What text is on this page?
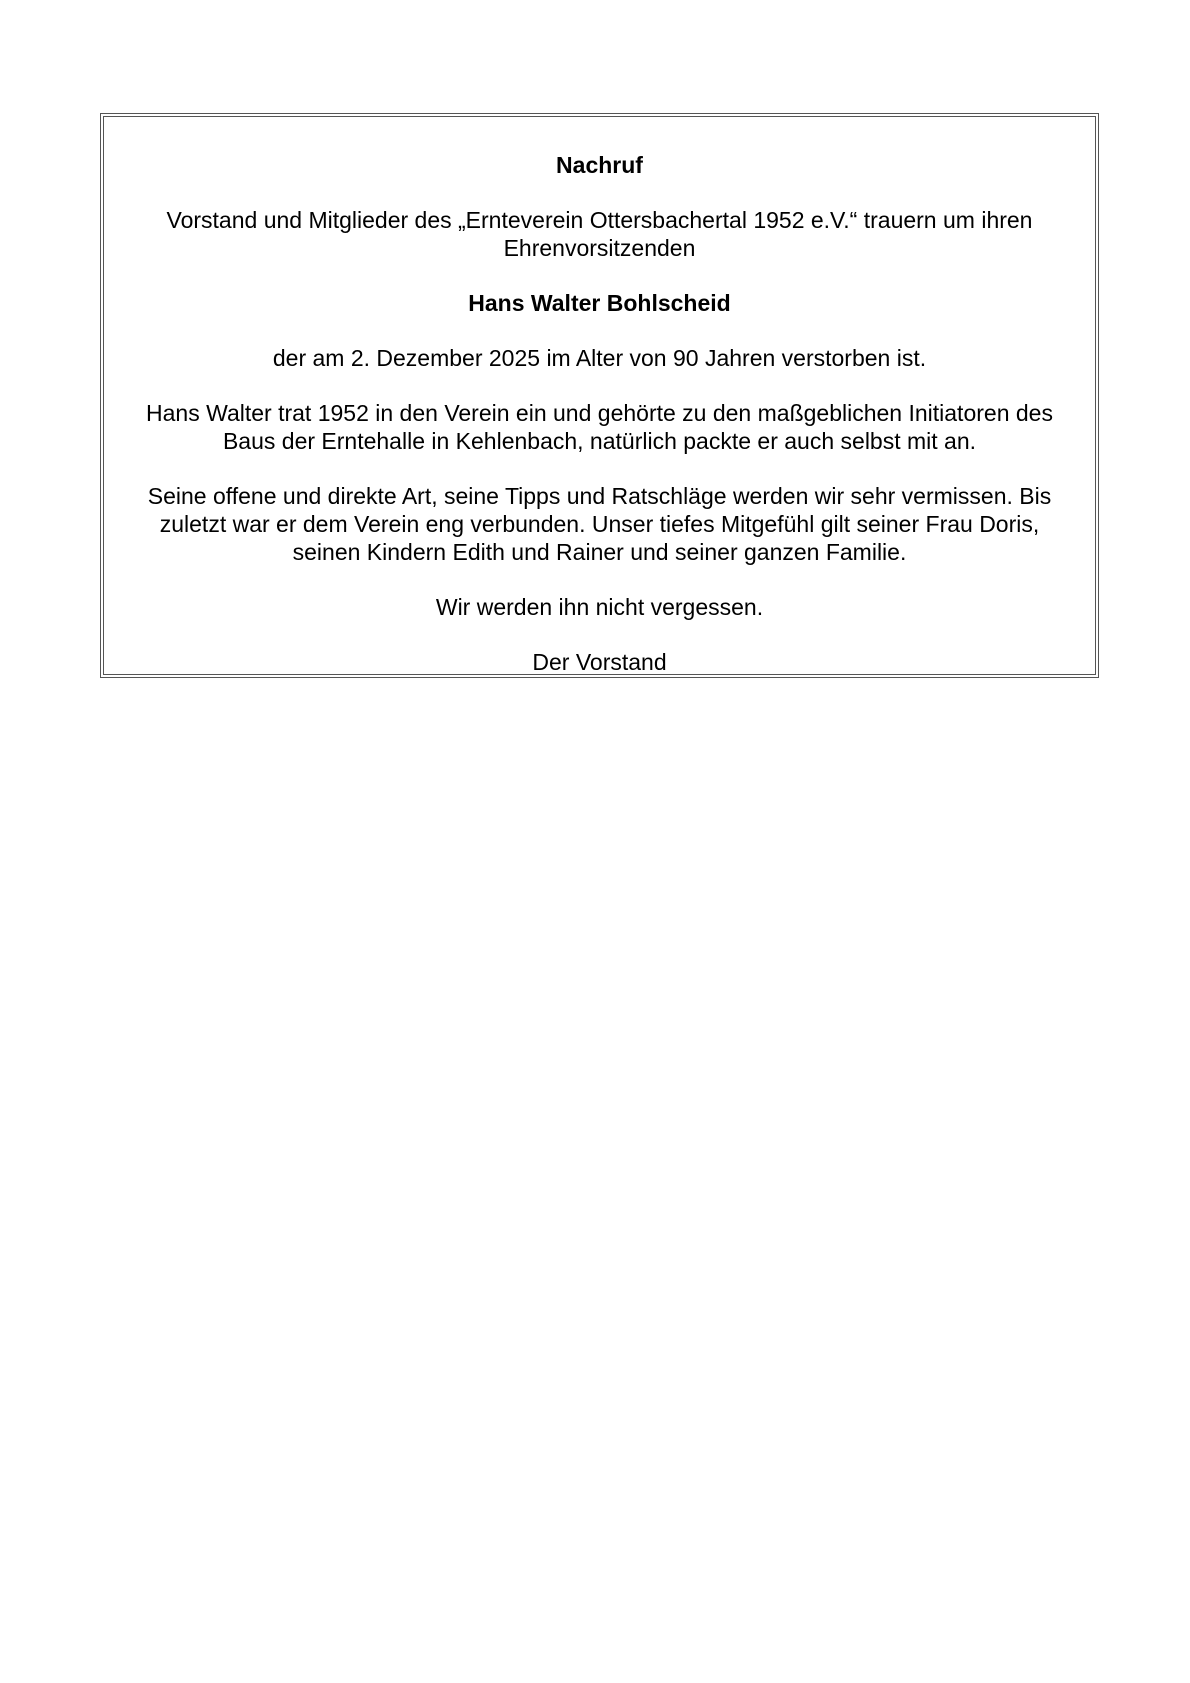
Nachruf

Vorstand und Mitglieder des „Ernteverein Ottersbachertal 1952 e.V.“ trauern um ihren
Ehrenvorsitzenden

Hans Walter Bohlscheid

der am 2. Dezember 2025 im Alter von 90 Jahren verstorben ist.

Hans Walter trat 1952 in den Verein ein und gehörte zu den maßgeblichen Initiatoren des
Baus der Erntehalle in Kehlenbach, natürlich packte er auch selbst mit an.

Seine offene und direkte Art, seine Tipps und Ratschläge werden wir sehr vermissen. Bis
zuletzt war er dem Verein eng verbunden. Unser tiefes Mitgefühl gilt seiner Frau Doris,
seinen Kindern Edith und Rainer und seiner ganzen Familie.

Wir werden ihn nicht vergessen.

Der Vorstand
